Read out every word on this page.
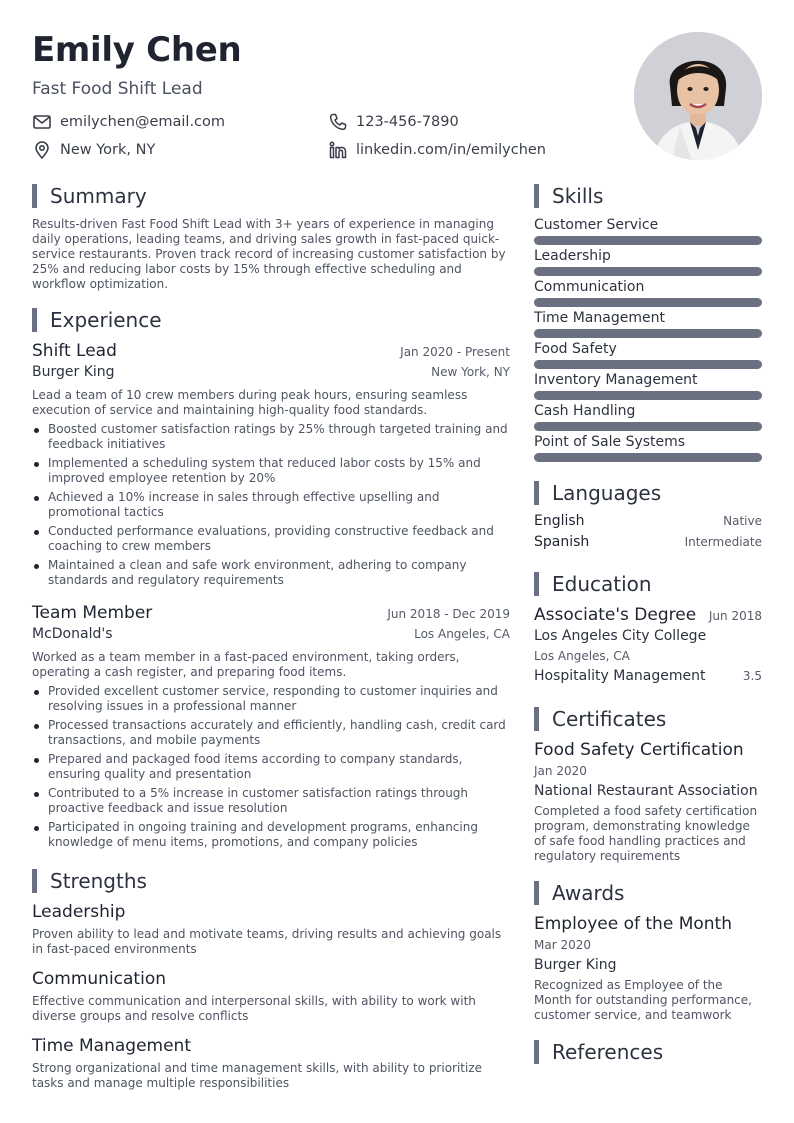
Emily Chen
Fast Food Shift Lead
emilychen@email.com	123-456-7890
New York, NY	linkedin.com/in/emilychen
Summary
Results-driven Fast Food Shift Lead with 3+ years of experience in managing daily operations, leading teams, and driving sales growth in fast-paced quick-service restaurants. Proven track record of increasing customer satisfaction by 25% and reducing labor costs by 15% through effective scheduling and workflow optimization.
Experience
Shift Lead	Jan 2020 - Present
Burger King	New York, NY
Lead a team of 10 crew members during peak hours, ensuring seamless execution of service and maintaining high-quality food standards.
Boosted customer satisfaction ratings by 25% through targeted training and feedback initiatives
Implemented a scheduling system that reduced labor costs by 15% and improved employee retention by 20%
Achieved a 10% increase in sales through effective upselling and promotional tactics
Conducted performance evaluations, providing constructive feedback and coaching to crew members
Maintained a clean and safe work environment, adhering to company standards and regulatory requirements
Team Member	Jun 2018 - Dec 2019
McDonald's	Los Angeles, CA
Worked as a team member in a fast-paced environment, taking orders, operating a cash register, and preparing food items.
Provided excellent customer service, responding to customer inquiries and resolving issues in a professional manner
Processed transactions accurately and efficiently, handling cash, credit card transactions, and mobile payments
Prepared and packaged food items according to company standards, ensuring quality and presentation
Contributed to a 5% increase in customer satisfaction ratings through proactive feedback and issue resolution
Participated in ongoing training and development programs, enhancing knowledge of menu items, promotions, and company policies
Strengths
Leadership
Proven ability to lead and motivate teams, driving results and achieving goals in fast-paced environments
Communication
Effective communication and interpersonal skills, with ability to work with diverse groups and resolve conflicts
Time Management
Strong organizational and time management skills, with ability to prioritize tasks and manage multiple responsibilities
Skills
Customer Service
Leadership
Communication
Time Management
Food Safety
Inventory Management
Cash Handling
Point of Sale Systems
Languages
English	Native
Spanish	Intermediate
Education
Associate's Degree Jun 2018
Los Angeles City College
Los Angeles, CA
Hospitality Management	3.5
Certificates
Food Safety Certification
Jan 2020
National Restaurant Association
Completed a food safety certification program, demonstrating knowledge of safe food handling practices and regulatory requirements
Awards
Employee of the Month
Mar 2020
Burger King
Recognized as Employee of the Month for outstanding performance, customer service, and teamwork
References
